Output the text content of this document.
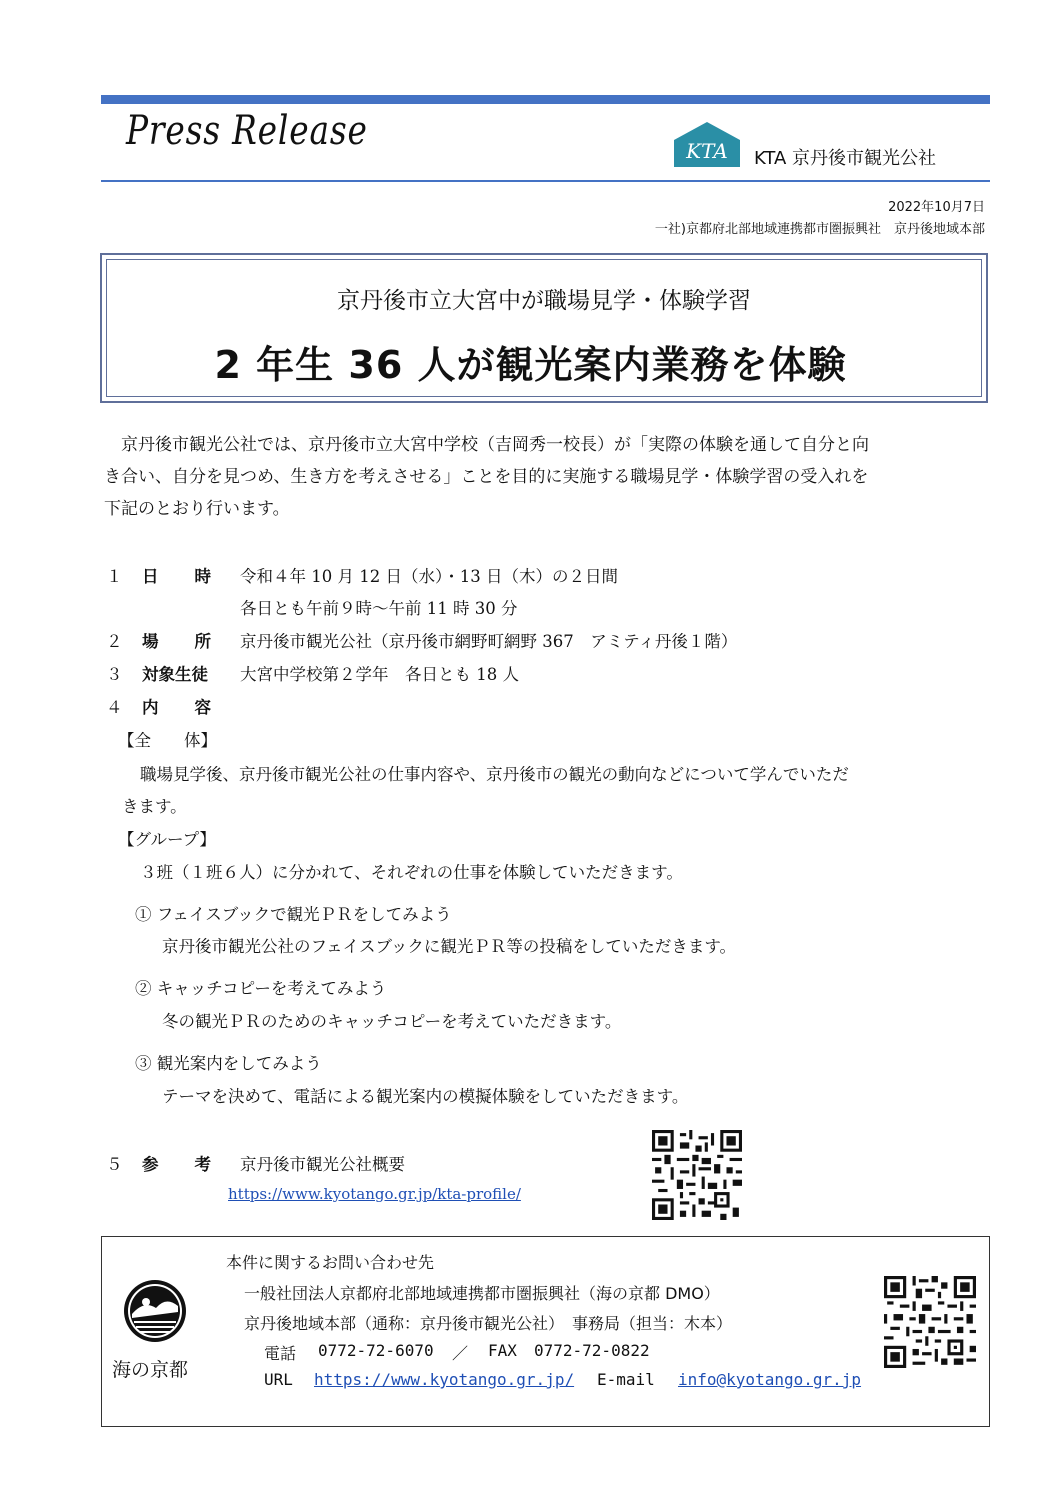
Press Release	KTA KTA 京丹後市観光公社
2022年10月7日
一社)京都府北部地域連携都市圏振興社　京丹後地域本部
京丹後市立大宮中が職場見学・体験学習
2 年生 36 人が観光案内業務を体験

京丹後市観光公社では、京丹後市立大宮中学校（吉岡秀一校長）が「実際の体験を通して自分と向

き合い、自分を見つめ、生き方を考えさせる」ことを目的に実施する職場見学・体験学習の受入れを
下記のとおり行います。
１ 日　　時 令和４年 10 月 12 日（水）・13 日（木）の２日間
各日とも午前９時～午前 11 時 30 分
２ 場　　所 京丹後市観光公社（京丹後市網野町網野 367　アミティ丹後１階）
３ 対象生徒 大宮中学校第２学年　各日とも 18 人
４ 内　　容
【全　　体】
職場見学後、京丹後市観光公社の仕事内容や、京丹後市の観光の動向などについて学んでいただ
きます。
【グループ】
３班（１班６人）に分かれて、それぞれの仕事を体験していただきます。
① フェイスブックで観光ＰＲをしてみよう
京丹後市観光公社のフェイスブックに観光ＰＲ等の投稿をしていただきます。
② キャッチコピーを考えてみよう
冬の観光ＰＲのためのキャッチコピーを考えていただきます。
③ 観光案内をしてみよう
テーマを決めて、電話による観光案内の模擬体験をしていただきます。
５ 参　　考 京丹後市観光公社概要
https://www.kyotango.gr.jp/kta-profile/
本件に関するお問い合わせ先
一般社団法人京都府北部地域連携都市圏振興社（海の京都 DMO）
京丹後地域本部（通称：京丹後市観光公社）　事務局（担当：木本）
電話 0772-72-6070 ／ FAX 0772-72-0822
URL https://www.kyotango.gr.jp/ E-mail info@kyotango.gr.jp
海の京都
